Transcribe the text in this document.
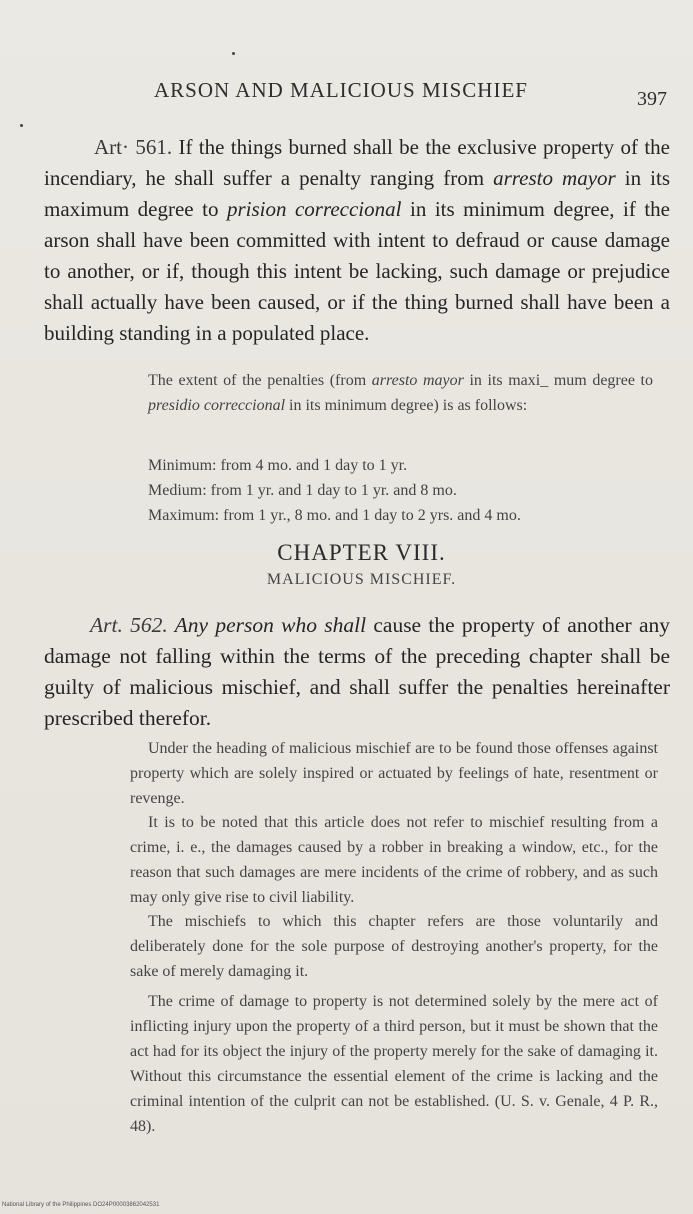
ARSON AND MALICIOUS MISCHIEF	397

Art· 561. If the things burned shall be the exclusive property of the incendiary, he shall suffer a penalty ranging from arresto mayor in its maximum degree to prision correccional in its minimum degree, if the arson shall have been committed with intent to defraud or cause damage to another, or if, though this intent be lacking, such damage or prejudice shall actually have been caused, or if the thing burned shall have been a building standing in a populated place.

The extent of the penalties (from arresto mayor in its maxi_ mum degree to presidio correccional in its minimum degree) is as follows:

Minimum: from 4 mo. and 1 day to 1 yr.
Medium: from 1 yr. and 1 day to 1 yr. and 8 mo.
Maximum: from 1 yr., 8 mo. and 1 day to 2 yrs. and 4 mo.
CHAPTER VIII.
MALICIOUS MISCHIEF.

Art. 562. Any person who shall cause the property of another any damage not falling within the terms of the preceding chapter shall be guilty of malicious mischief, and shall suffer the penalties hereinafter prescribed therefor.

Under the heading of malicious mischief are to be found those offenses against property which are solely inspired or actuated by feelings of hate, resentment or revenge.

It is to be noted that this article does not refer to mischief resulting from a crime, i. e., the damages caused by a robber in breaking a window, etc., for the reason that such damages are mere incidents of the crime of robbery, and as such may only give rise to civil liability.

The mischiefs to which this chapter refers are those voluntarily and deliberately done for the sole purpose of destroying another's property, for the sake of merely damaging it.

The crime of damage to property is not determined solely by the mere act of inflicting injury upon the property of a third person, but it must be shown that the act had for its object the injury of the property merely for the sake of damaging it. Without this circumstance the essential element of the crime is lacking and the criminal intention of the culprit can not be established. (U. S. v. Genale, 4 P. R., 48).

National Library of the Philippines DO24P00003862042531
